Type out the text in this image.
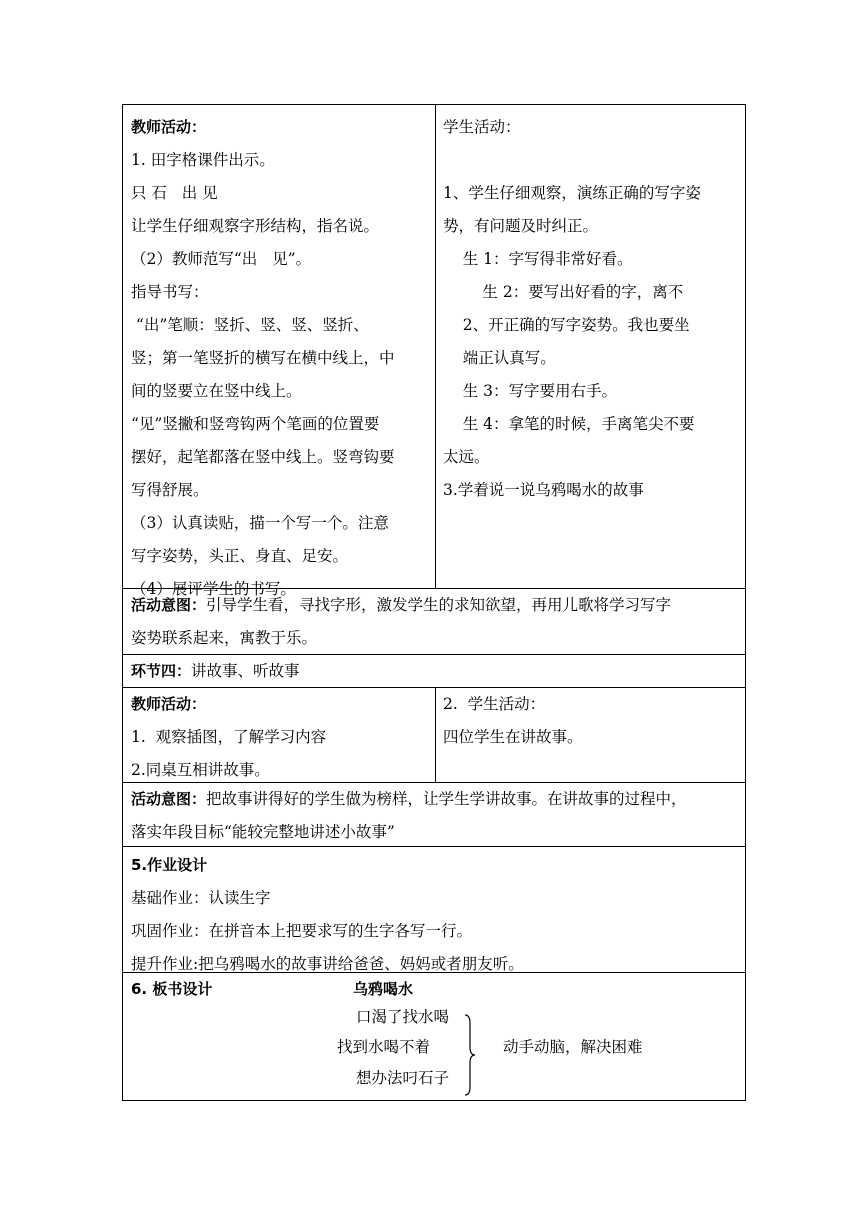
教师活动：
1. 田字格课件出示。
只 石   出 见
让学生仔细观察字形结构，指名说。
（2）教师范写“出   见”。
指导书写：
“出”笔顺：竖折、竖、竖、竖折、
竖；第一笔竖折的横写在横中线上，中
间的竖要立在竖中线上。
“见”竖撇和竖弯钩两个笔画的位置要
摆好，起笔都落在竖中线上。竖弯钩要
写得舒展。
（3）认真读贴，描一个写一个。注意
写字姿势，头正、身直、足安。
（4）展评学生的书写。
学生活动：
1、学生仔细观察，演练正确的写字姿
势，有问题及时纠正。
生 1：字写得非常好看。
生 2：要写出好看的字，离不
2、开正确的写字姿势。我也要坐
端正认真写。
生 3：写字要用右手。
生 4：拿笔的时候，手离笔尖不要
太远。
3.学着说一说乌鸦喝水的故事
活动意图：引导学生看，寻找字形，激发学生的求知欲望，再用儿歌将学习写字
姿势联系起来，寓教于乐。
环节四：讲故事、听故事
教师活动：
1.  观察插图，了解学习内容
2.同桌互相讲故事。
2.  学生活动：
四位学生在讲故事。
活动意图：把故事讲得好的学生做为榜样，让学生学讲故事。在讲故事的过程中，
落实年段目标“能较完整地讲述小故事”
5.作业设计
基础作业：认读生字
巩固作业：在拼音本上把要求写的生字各写一行。
提升作业:把乌鸦喝水的故事讲给爸爸、妈妈或者朋友听。
6. 板书设计	乌鸦喝水
口渴了找水喝
找到水喝不着
想办法叼石子
动手动脑，解决困难
